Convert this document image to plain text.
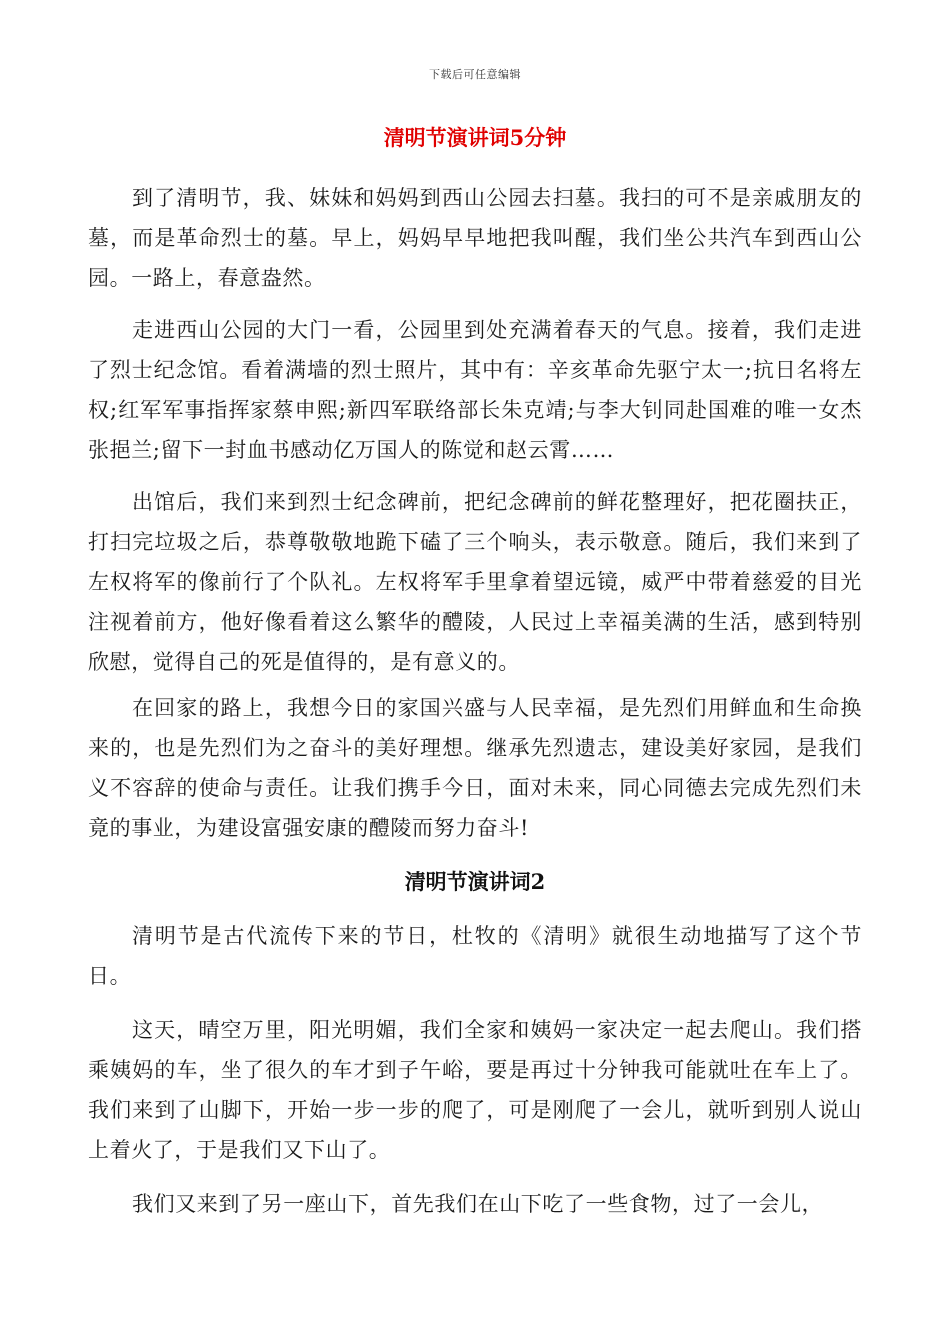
下载后可任意编辑
清明节演讲词5分钟

到了清明节，我、妹妹和妈妈到西山公园去扫墓。我扫的可不是亲戚朋友的墓，而是革命烈士的墓。早上，妈妈早早地把我叫醒，我们坐公共汽车到西山公园。一路上，春意盎然。

走进西山公园的大门一看，公园里到处充满着春天的气息。接着，我们走进了烈士纪念馆。看着满墙的烈士照片，其中有：辛亥革命先驱宁太一;抗日名将左权;红军军事指挥家蔡申熙;新四军联络部长朱克靖;与李大钊同赴国难的唯一女杰张挹兰;留下一封血书感动亿万国人的陈觉和赵云霄……

出馆后，我们来到烈士纪念碑前，把纪念碑前的鲜花整理好，把花圈扶正，打扫完垃圾之后，恭尊敬敬地跪下磕了三个响头，表示敬意。随后，我们来到了左权将军的像前行了个队礼。左权将军手里拿着望远镜，威严中带着慈爱的目光注视着前方，他好像看着这么繁华的醴陵，人民过上幸福美满的生活，感到特别欣慰，觉得自己的死是值得的，是有意义的。

在回家的路上，我想今日的家国兴盛与人民幸福，是先烈们用鲜血和生命换来的，也是先烈们为之奋斗的美好理想。继承先烈遗志，建设美好家园，是我们义不容辞的使命与责任。让我们携手今日，面对未来，同心同德去完成先烈们未竟的事业，为建设富强安康的醴陵而努力奋斗!

清明节演讲词2

清明节是古代流传下来的节日，杜牧的《清明》就很生动地描写了这个节日。

这天，晴空万里，阳光明媚，我们全家和姨妈一家决定一起去爬山。我们搭乘姨妈的车，坐了很久的车才到子午峪，要是再过十分钟我可能就吐在车上了。我们来到了山脚下，开始一步一步的爬了，可是刚爬了一会儿，就听到别人说山上着火了，于是我们又下山了。

我们又来到了另一座山下，首先我们在山下吃了一些食物，过了一会儿，
